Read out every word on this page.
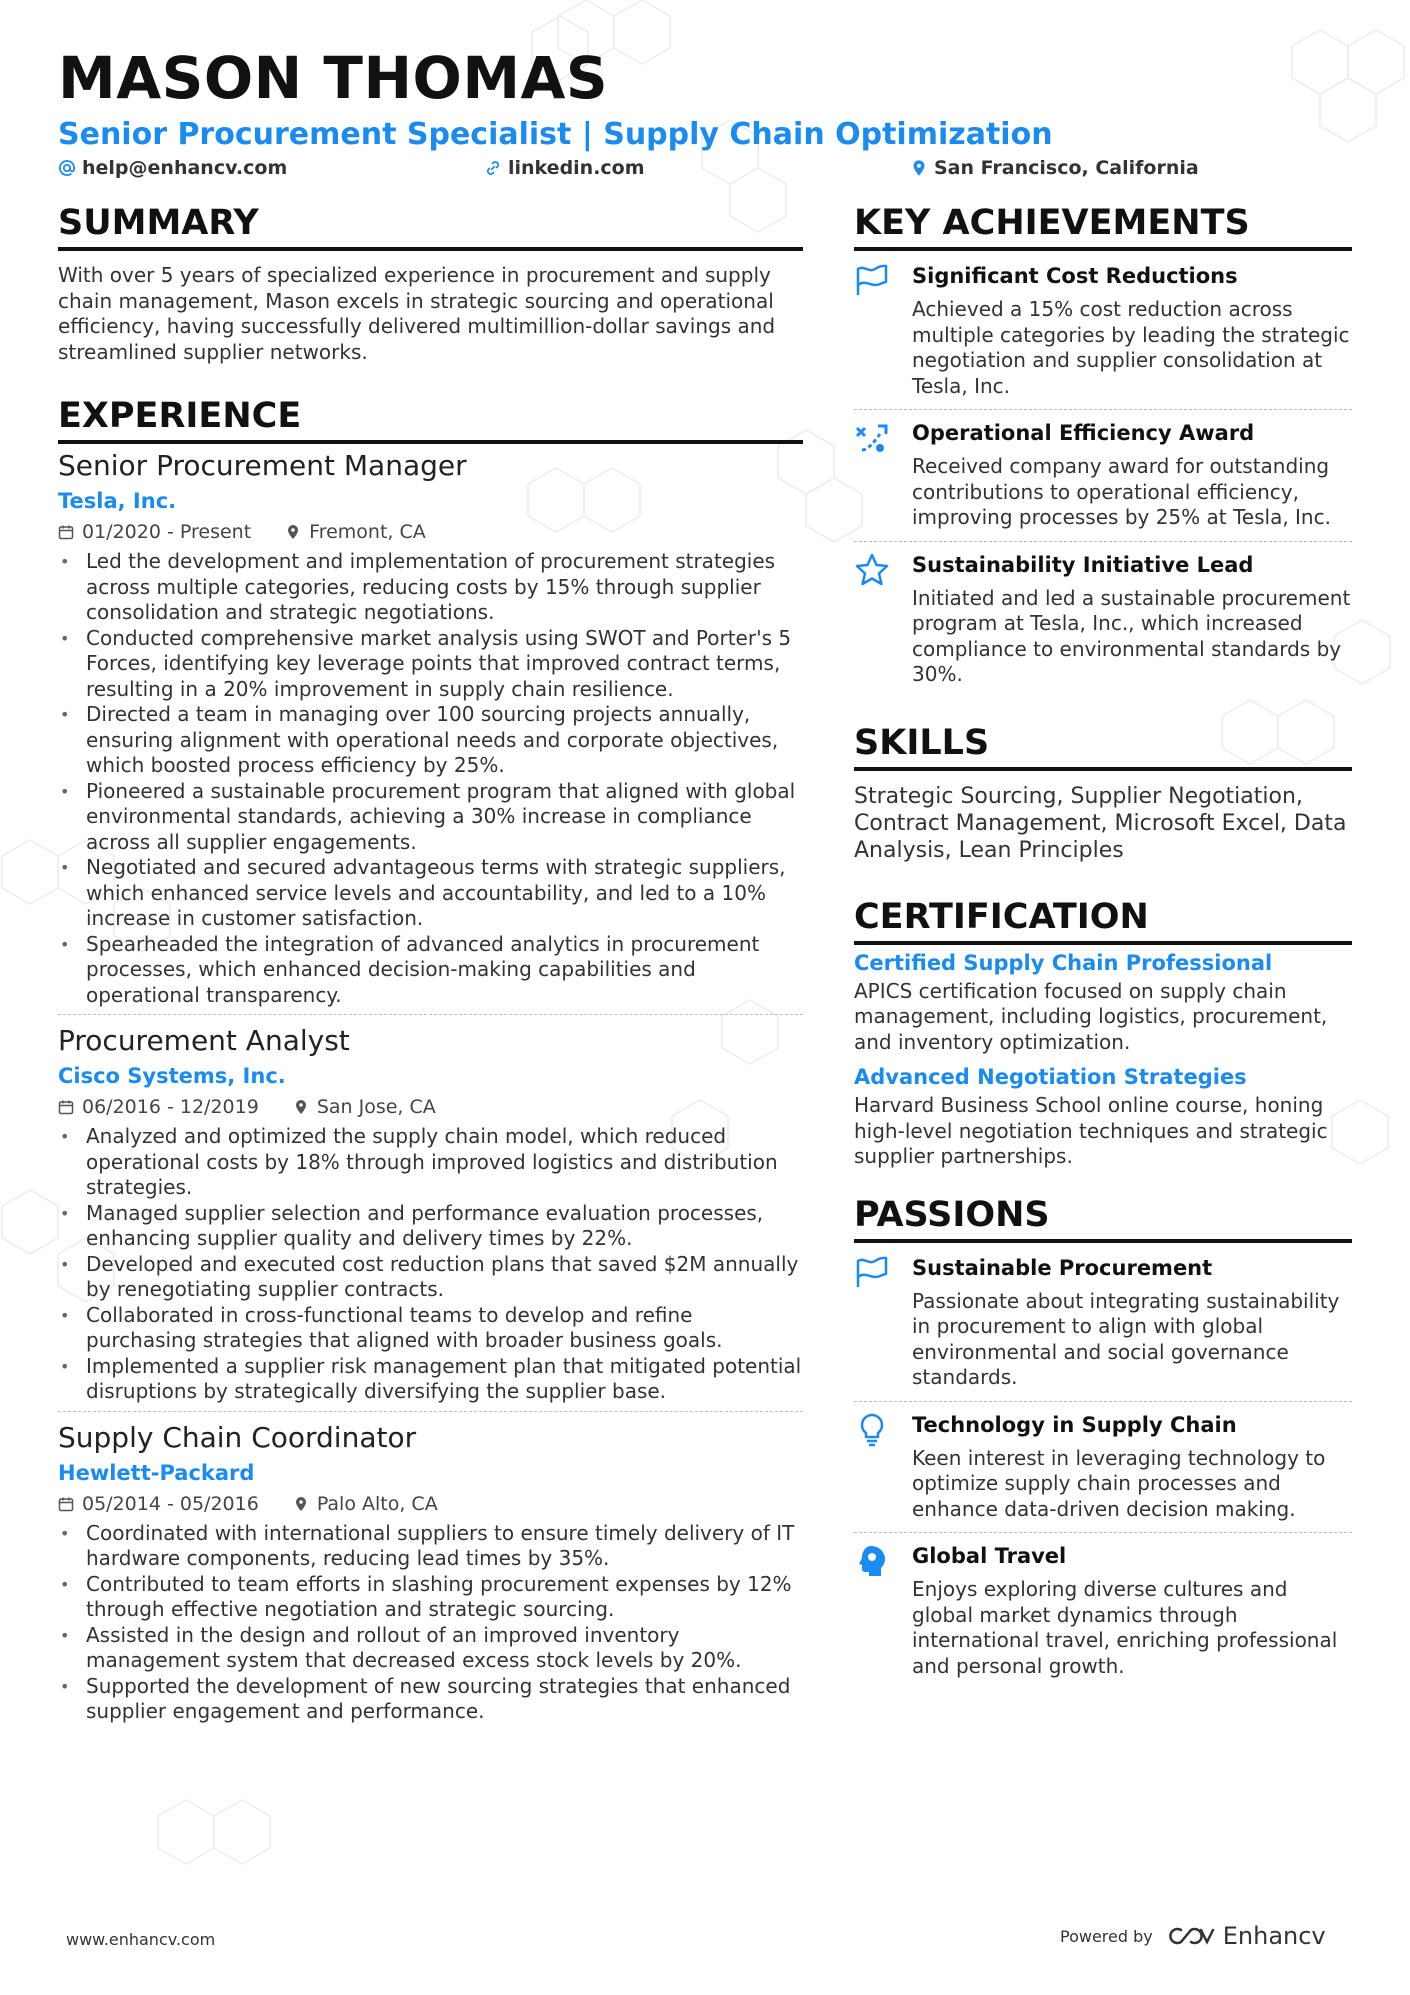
MASON THOMAS
Senior Procurement Specialist | Supply Chain Optimization
help@enhancv.com	linkedin.com	San Francisco, California
SUMMARY
With over 5 years of specialized experience in procurement and supply chain management, Mason excels in strategic sourcing and operational efficiency, having successfully delivered multimillion-dollar savings and streamlined supplier networks.
EXPERIENCE
Senior Procurement Manager
Tesla, Inc.
01/2020 - Present	Fremont, CA
• Led the development and implementation of procurement strategies across multiple categories, reducing costs by 15% through supplier consolidation and strategic negotiations.
• Conducted comprehensive market analysis using SWOT and Porter's 5 Forces, identifying key leverage points that improved contract terms, resulting in a 20% improvement in supply chain resilience.
• Directed a team in managing over 100 sourcing projects annually, ensuring alignment with operational needs and corporate objectives, which boosted process efficiency by 25%.
• Pioneered a sustainable procurement program that aligned with global environmental standards, achieving a 30% increase in compliance across all supplier engagements.
• Negotiated and secured advantageous terms with strategic suppliers, which enhanced service levels and accountability, and led to a 10% increase in customer satisfaction.
• Spearheaded the integration of advanced analytics in procurement processes, which enhanced decision-making capabilities and operational transparency.
Procurement Analyst
Cisco Systems, Inc.
06/2016 - 12/2019	San Jose, CA
• Analyzed and optimized the supply chain model, which reduced operational costs by 18% through improved logistics and distribution strategies.
• Managed supplier selection and performance evaluation processes, enhancing supplier quality and delivery times by 22%.
• Developed and executed cost reduction plans that saved $2M annually by renegotiating supplier contracts.
• Collaborated in cross-functional teams to develop and refine purchasing strategies that aligned with broader business goals.
• Implemented a supplier risk management plan that mitigated potential disruptions by strategically diversifying the supplier base.
Supply Chain Coordinator
Hewlett-Packard
05/2014 - 05/2016	Palo Alto, CA
• Coordinated with international suppliers to ensure timely delivery of IT hardware components, reducing lead times by 35%.
• Contributed to team efforts in slashing procurement expenses by 12% through effective negotiation and strategic sourcing.
• Assisted in the design and rollout of an improved inventory management system that decreased excess stock levels by 20%.
• Supported the development of new sourcing strategies that enhanced supplier engagement and performance.
KEY ACHIEVEMENTS
Significant Cost Reductions
Achieved a 15% cost reduction across multiple categories by leading the strategic negotiation and supplier consolidation at Tesla, Inc.
Operational Efficiency Award
Received company award for outstanding contributions to operational efficiency, improving processes by 25% at Tesla, Inc.
Sustainability Initiative Lead
Initiated and led a sustainable procurement program at Tesla, Inc., which increased compliance to environmental standards by 30%.
SKILLS
Strategic Sourcing, Supplier Negotiation, Contract Management, Microsoft Excel, Data Analysis, Lean Principles
CERTIFICATION
Certified Supply Chain Professional
APICS certification focused on supply chain management, including logistics, procurement, and inventory optimization.
Advanced Negotiation Strategies
Harvard Business School online course, honing high-level negotiation techniques and strategic supplier partnerships.
PASSIONS
Sustainable Procurement
Passionate about integrating sustainability in procurement to align with global environmental and social governance standards.
Technology in Supply Chain
Keen interest in leveraging technology to optimize supply chain processes and enhance data-driven decision making.
Global Travel
Enjoys exploring diverse cultures and global market dynamics through international travel, enriching professional and personal growth.
www.enhancv.com	Powered by	Enhancv
